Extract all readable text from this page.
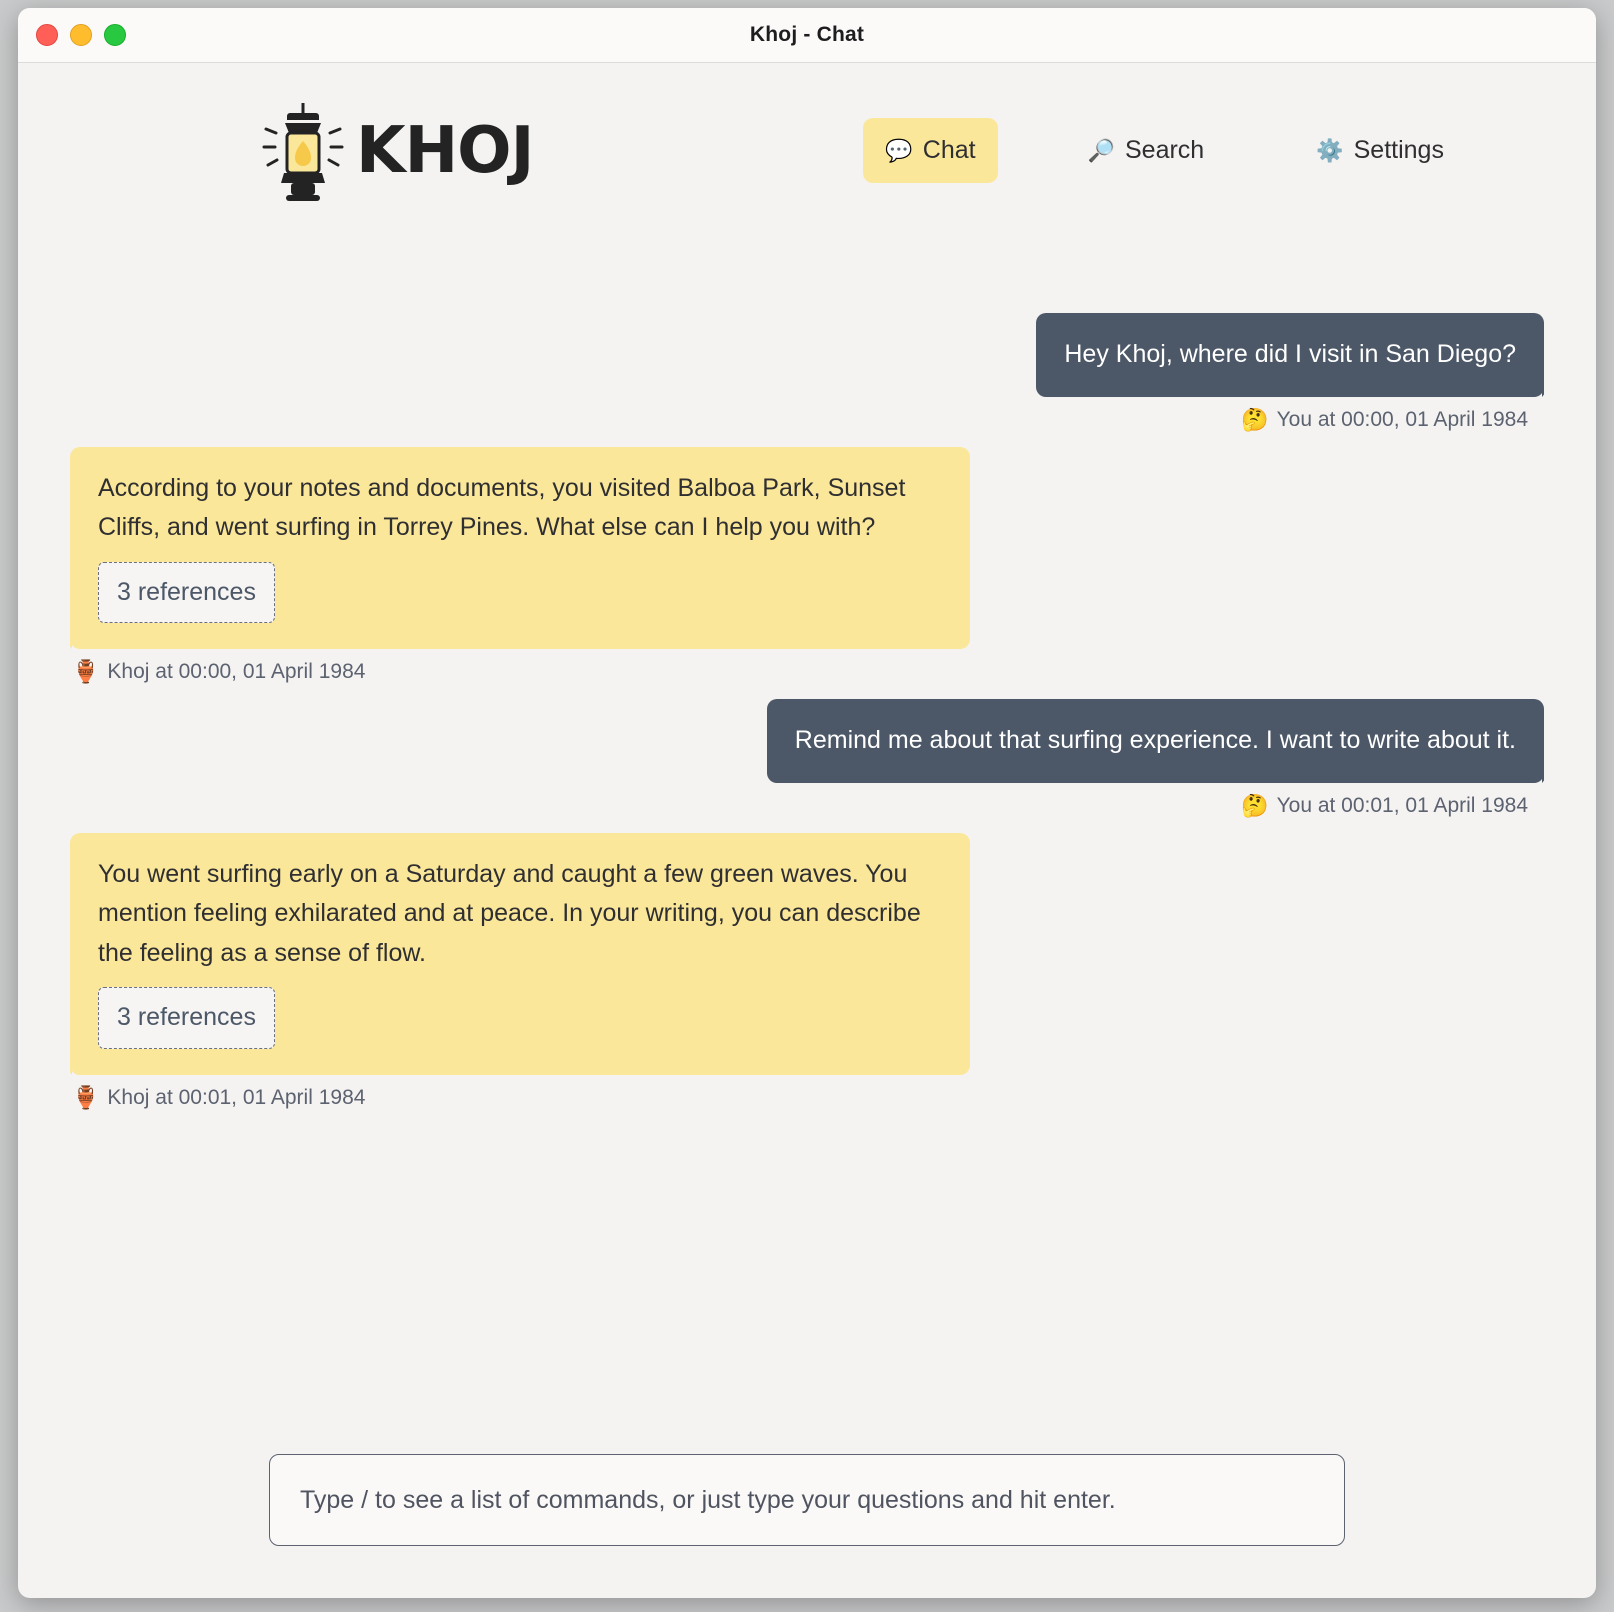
Khoj - Chat
KHOJ	💬 Chat	🔎 Search	⚙️ Settings
Hey Khoj, where did I visit in San Diego?
🤔 You at 00:00, 01 April 1984
According to your notes and documents, you visited Balboa Park, Sunset Cliffs, and went surfing in Torrey Pines. What else can I help you with?
3 references
🏺 Khoj at 00:00, 01 April 1984
Remind me about that surfing experience. I want to write about it.
🤔 You at 00:01, 01 April 1984
You went surfing early on a Saturday and caught a few green waves. You mention feeling exhilarated and at peace. In your writing, you can describe the feeling as a sense of flow.
3 references
🏺 Khoj at 00:01, 01 April 1984
Type / to see a list of commands, or just type your questions and hit enter.
